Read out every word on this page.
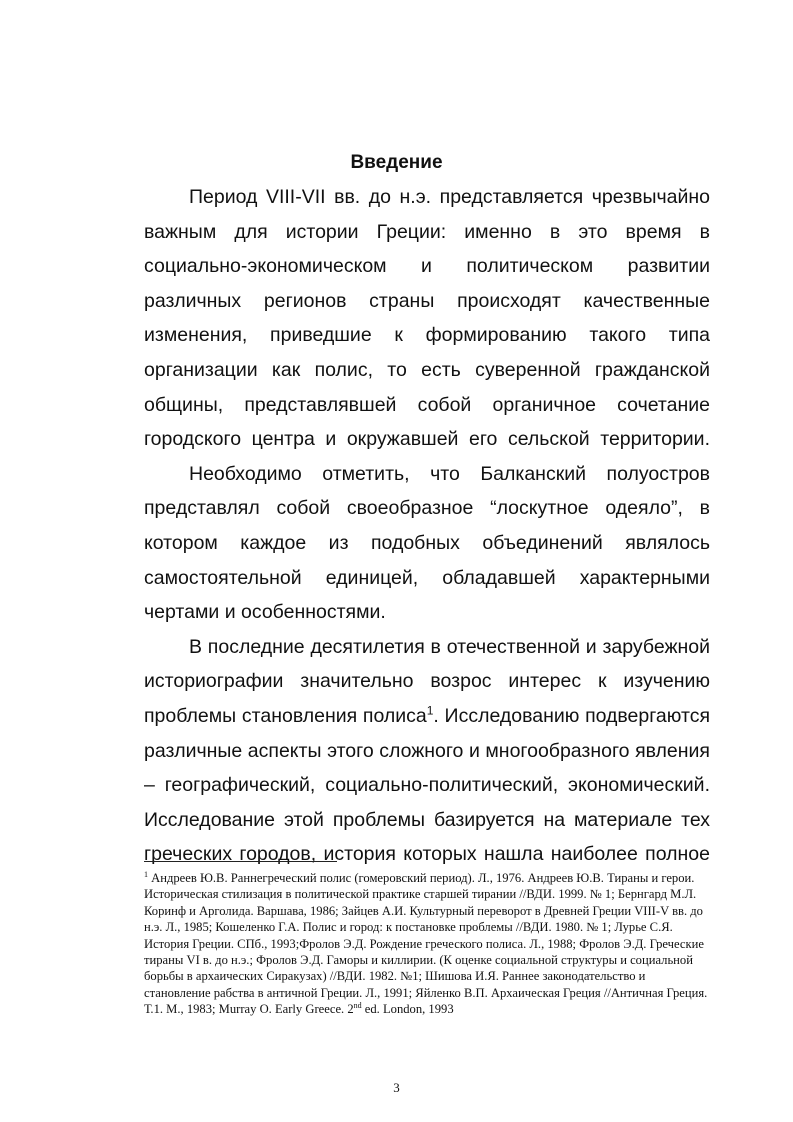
Введение

Период VIII-VII вв. до н.э. представляется чрезвычайно важным для истории Греции: именно в это время в социально-экономическом и политическом развитии различных регионов страны происходят качественные изменения, приведшие к формированию такого типа организации как полис, то есть суверенной гражданской общины, представлявшей собой органичное сочетание городского центра и окружавшей его сельской территории.

Необходимо отметить, что Балканский полуостров представлял собой своеобразное “лоскутное одеяло”, в котором каждое из подобных объединений являлось самостоятельной единицей, обладавшей характерными чертами и особенностями.

В последние десятилетия в отечественной и зарубежной историографии значительно возрос интерес к изучению проблемы становления полиса$^1$. Исследованию подвергаются различные аспекты этого сложного и многообразного явления – географический, социально-политический, экономический. Исследование этой проблемы базируется на материале тех греческих городов, история которых нашла наиболее полное

$^1$ Андреев Ю.В. Раннегреческий полис (гомеровский период). Л., 1976. Андреев Ю.В. Тираны и герои. Историческая стилизация в политической практике старшей тирании //ВДИ. 1999. № 1; Бернгард М.Л. Коринф и Арголида. Варшава, 1986; Зайцев А.И. Культурный переворот в Древней Греции VIII-V вв. до н.э. Л., 1985; Кошеленко Г.А. Полис и город: к постановке проблемы //ВДИ. 1980. № 1; Лурье С.Я. История Греции. СПб., 1993;Фролов Э.Д. Рождение греческого полиса. Л., 1988; Фролов Э.Д. Греческие тираны VI в. до н.э.; Фролов Э.Д. Гаморы и киллирии. (К оценке социальной структуры и социальной борьбы в архаических Сиракузах) //ВДИ. 1982. №1; Шишова И.Я. Раннее законодательство и становление рабства в античной Греции. Л., 1991; Яйленко В.П. Архаическая Греция //Античная Греция. Т.1. М., 1983; Murray O. Early Greece. 2nd ed. London, 1993

3
